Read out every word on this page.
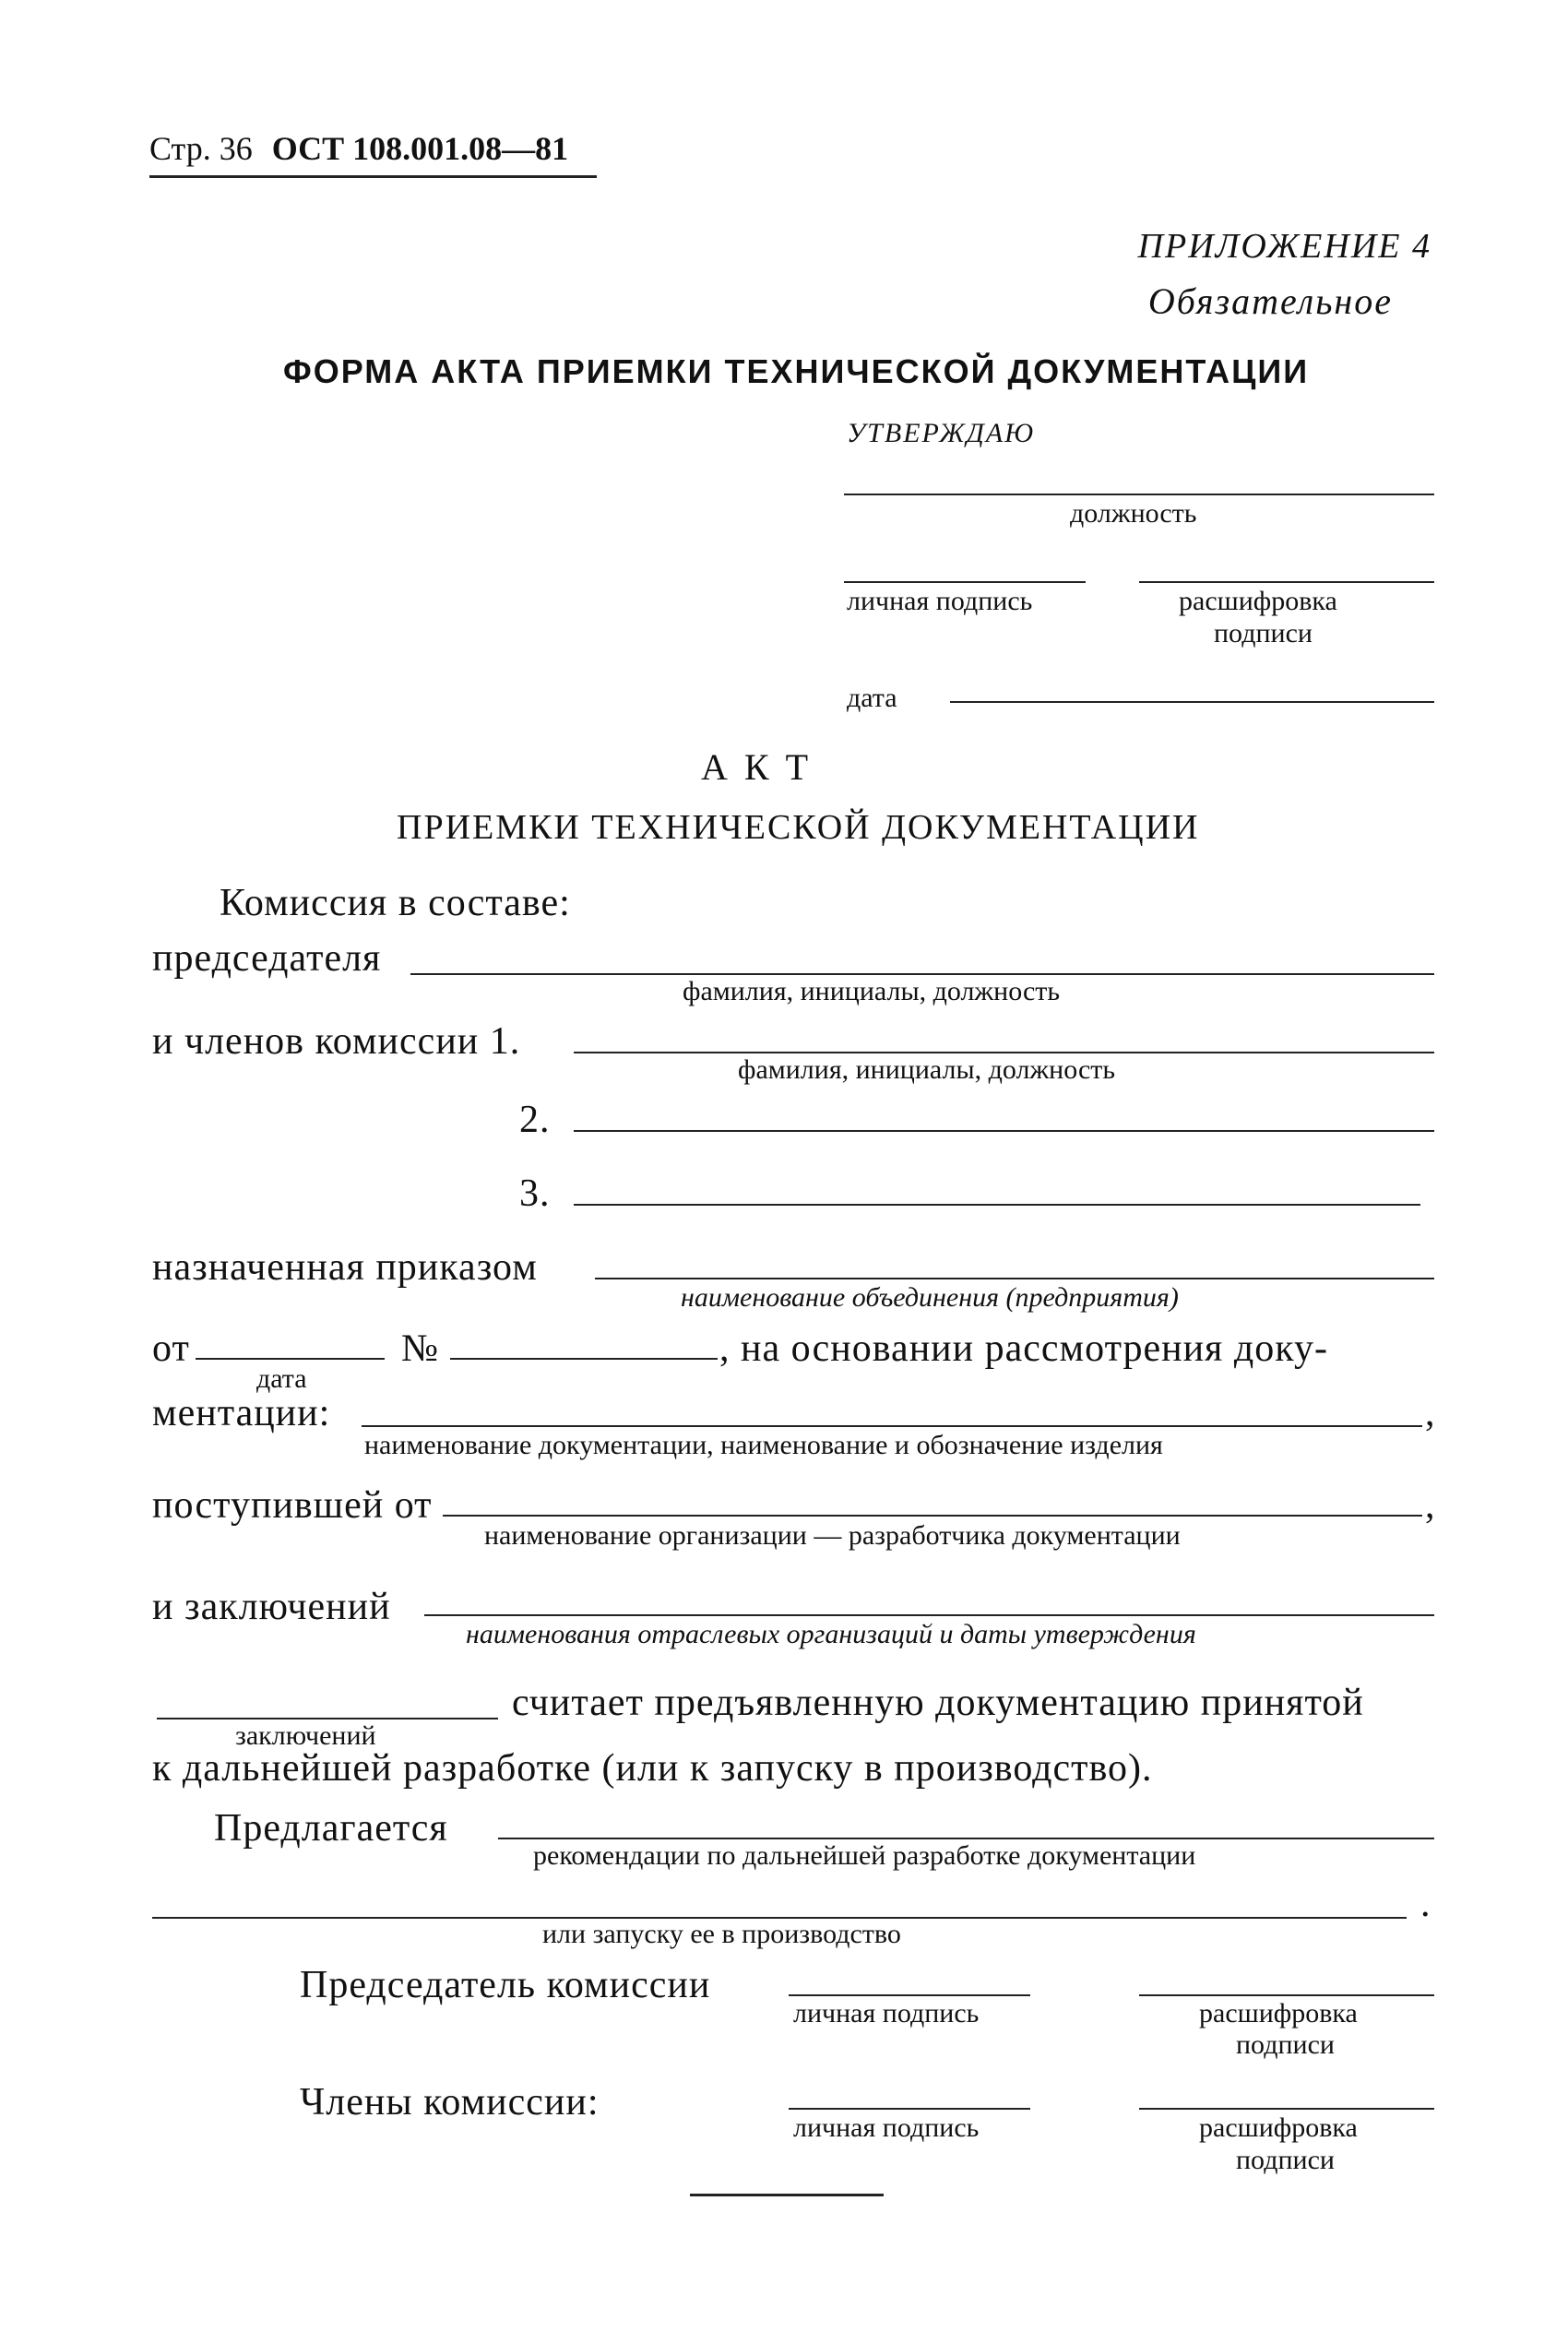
Стр. 36 ОСТ 108.001.08—81
ПРИЛОЖЕНИЕ 4
Обязательное
ФОРМА АКТА ПРИЕМКИ ТЕХНИЧЕСКОЙ ДОКУМЕНТАЦИИ
УТВЕРЖДАЮ
должность
личная подпись	расшифровка
подписи
дата
А К Т
ПРИЕМКИ ТЕХНИЧЕСКОЙ ДОКУМЕНТАЦИИ
Комиссия в составе:
председателя
фамилия, инициалы, должность
и членов комиссии 1.
фамилия, инициалы, должность
2.
3.
назначенная приказом
наименование объединения (предприятия)
от	№	, на основании рассмотрения доку-
дата
ментации:	,
наименование документации, наименование и обозначение изделия
поступившей от	,
наименование организации — разработчика документации
и заключений
наименования отраслевых организаций и даты утверждения
считает предъявленную документацию принятой
заключений
к дальнейшей разработке (или к запуску в производство).
Предлагается
рекомендации по дальнейшей разработке документации
.
или запуску ее в производство
Председатель комиссии
личная подпись	расшифровка
подписи
Члены комиссии:
личная подпись	расшифровка
подписи
